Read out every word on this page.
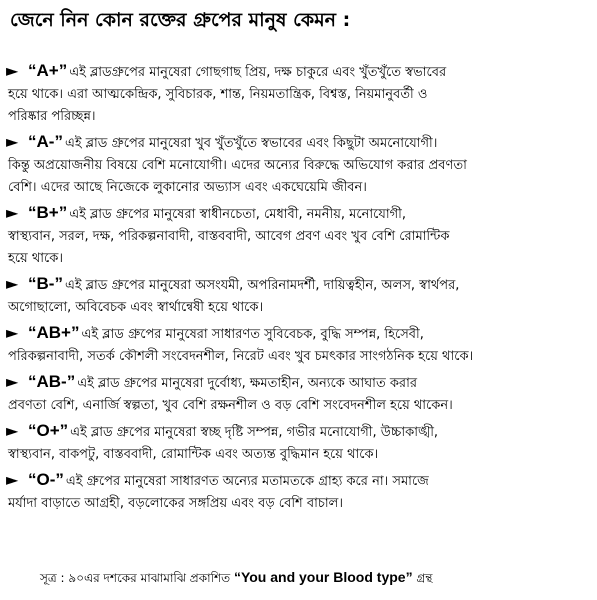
জেনে নিন কোন রক্তের গ্রুপের মানুষ কেমন :

► “A+” এই ব্লাডগ্রুপের মানুষেরা গোছগাছ প্রিয়, দক্ষ চাকুরে এবং খুঁতখুঁতে স্বভাবের

হয়ে থাকে। এরা আত্মকেন্দ্রিক, সুবিচারক, শান্ত, নিয়মতান্ত্রিক, বিশ্বস্ত, নিয়মানুবর্তী ও

পরিষ্কার পরিচ্ছন্ন।

► “A-” এই ব্লাড গ্রুপের মানুষেরা খুব খুঁতখুঁতে স্বভাবের এবং কিছুটা অমনোযোগী।

কিন্তু অপ্রয়োজনীয় বিষয়ে বেশি মনোযোগী। এদের অন্যের বিরুদ্ধে অভিযোগ করার প্রবণতা

বেশি। এদের আছে নিজেকে লুকানোর অভ্যাস এবং একঘেয়েমি জীবন।

► “B+” এই ব্লাড গ্রুপের মানুষেরা স্বাধীনচেতা, মেধাবী, নমনীয়, মনোযোগী,

স্বাস্থ্যবান, সরল, দক্ষ, পরিকল্পনাবাদী, বাস্তববাদী, আবেগ প্রবণ এবং খুব বেশি রোমান্টিক

হয়ে থাকে।

► “B-” এই ব্লাড গ্রুপের মানুষেরা অসংযমী, অপরিনামদর্শী, দায়িত্বহীন, অলস, স্বার্থপর,

অগোছালো, অবিবেচক এবং স্বার্থান্বেষী হয়ে থাকে।

► “AB+” এই ব্লাড গ্রুপের মানুষেরা সাধারণত সুবিবেচক, বুদ্ধি সম্পন্ন, হিসেবী,

পরিকল্পনাবাদী, সতর্ক কৌশলী সংবেদনশীল, নিরেট এবং খুব চমৎকার সাংগঠনিক হয়ে থাকে।

► “AB-” এই ব্লাড গ্রুপের মানুষেরা দুর্বোধ্য, ক্ষমতাহীন, অন্যকে আঘাত করার

প্রবণতা বেশি, এনার্জি স্বল্পতা, খুব বেশি রক্ষনশীল ও বড় বেশি সংবেদনশীল হয়ে থাকেন।

► “O+” এই ব্লাড গ্রুপের মানুষেরা স্বচ্ছ দৃষ্টি সম্পন্ন, গভীর মনোযোগী, উচ্চাকাঙ্খী,

স্বাস্থ্যবান, বাকপটু, বাস্তববাদী, রোমান্টিক এবং অত্যন্ত বুদ্ধিমান হয়ে থাকে।

► “O-” এই গ্রুপের মানুষেরা সাধারণত অন্যের মতামতকে গ্রাহ্য করে না। সমাজে

মর্যাদা বাড়াতে আগ্রহী, বড়লোকের সঙ্গপ্রিয় এবং বড় বেশি বাচাল।

সূত্র : ৯০এর দশকের মাঝামাঝি প্রকাশিত “You and your Blood type” গ্রন্থ
